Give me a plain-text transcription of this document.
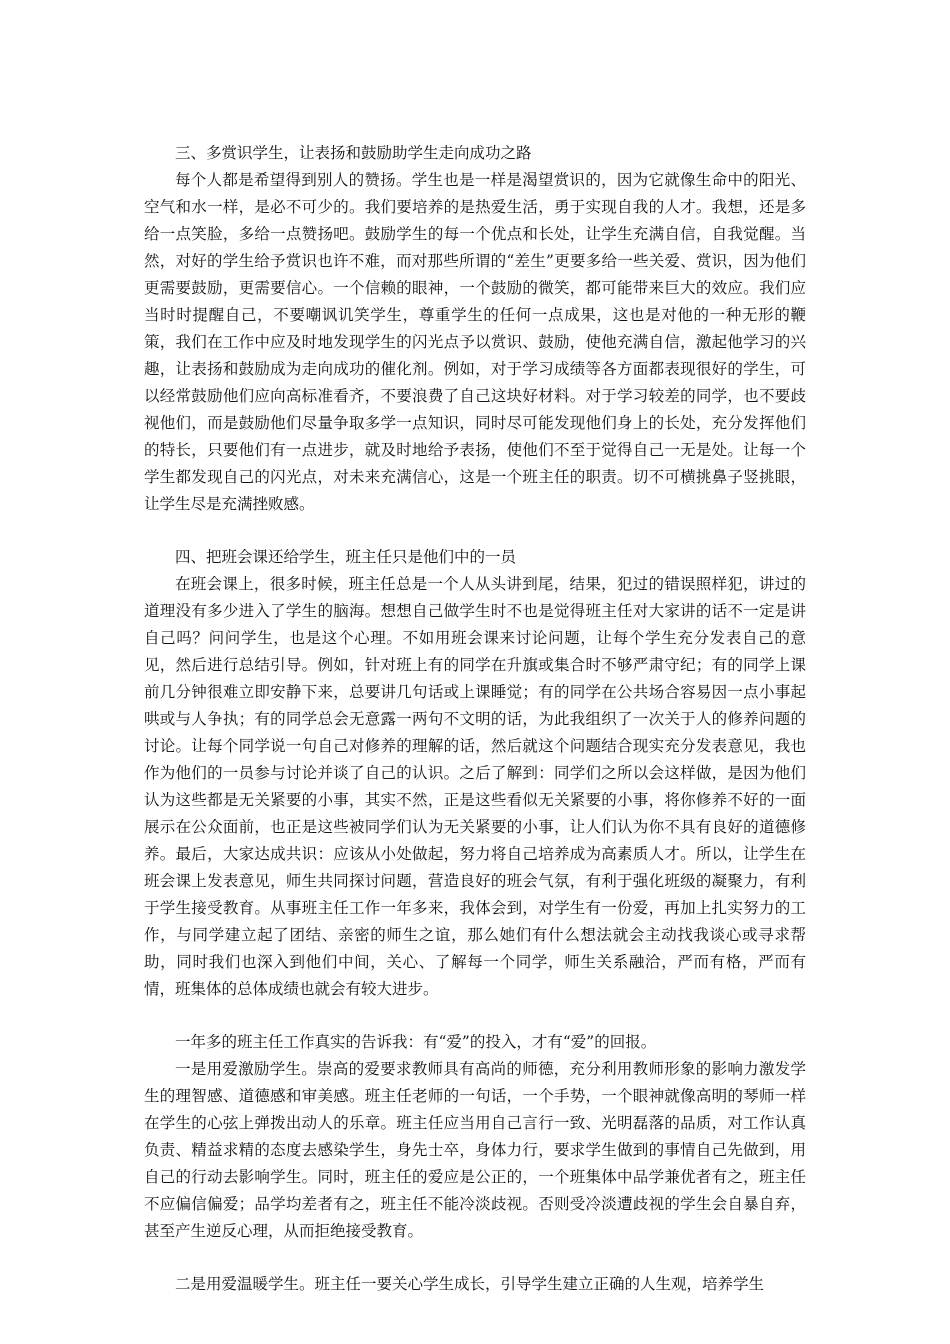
三、多赏识学生，让表扬和鼓励助学生走向成功之路

每个人都是希望得到别人的赞扬。学生也是一样是渴望赏识的，因为它就像生命中的阳光、空气和水一样，是必不可少的。我们要培养的是热爱生活，勇于实现自我的人才。我想，还是多给一点笑脸，多给一点赞扬吧。鼓励学生的每一个优点和长处，让学生充满自信，自我觉醒。当然，对好的学生给予赏识也许不难，而对那些所谓的“差生”更要多给一些关爱、赏识，因为他们更需要鼓励，更需要信心。一个信赖的眼神，一个鼓励的微笑，都可能带来巨大的效应。我们应当时时提醒自己，不要嘲讽讥笑学生，尊重学生的任何一点成果，这也是对他的一种无形的鞭策，我们在工作中应及时地发现学生的闪光点予以赏识、鼓励，使他充满自信，激起他学习的兴趣，让表扬和鼓励成为走向成功的催化剂。例如，对于学习成绩等各方面都表现很好的学生，可以经常鼓励他们应向高标准看齐，不要浪费了自己这块好材料。对于学习较差的同学，也不要歧视他们，而是鼓励他们尽量争取多学一点知识，同时尽可能发现他们身上的长处，充分发挥他们的特长，只要他们有一点进步，就及时地给予表扬，使他们不至于觉得自己一无是处。让每一个学生都发现自己的闪光点，对未来充满信心，这是一个班主任的职责。切不可横挑鼻子竖挑眼，让学生尽是充满挫败感。

四、把班会课还给学生，班主任只是他们中的一员

在班会课上，很多时候，班主任总是一个人从头讲到尾，结果，犯过的错误照样犯，讲过的道理没有多少进入了学生的脑海。想想自己做学生时不也是觉得班主任对大家讲的话不一定是讲自己吗？问问学生，也是这个心理。不如用班会课来讨论问题，让每个学生充分发表自己的意见，然后进行总结引导。例如，针对班上有的同学在升旗或集合时不够严肃守纪；有的同学上课前几分钟很难立即安静下来，总要讲几句话或上课睡觉；有的同学在公共场合容易因一点小事起哄或与人争执；有的同学总会无意露一两句不文明的话，为此我组织了一次关于人的修养问题的讨论。让每个同学说一句自己对修养的理解的话，然后就这个问题结合现实充分发表意见，我也作为他们的一员参与讨论并谈了自己的认识。之后了解到：同学们之所以会这样做，是因为他们认为这些都是无关紧要的小事，其实不然，正是这些看似无关紧要的小事，将你修养不好的一面展示在公众面前，也正是这些被同学们认为无关紧要的小事，让人们认为你不具有良好的道德修养。最后，大家达成共识：应该从小处做起，努力将自己培养成为高素质人才。所以，让学生在班会课上发表意见，师生共同探讨问题，营造良好的班会气氛，有利于强化班级的凝聚力，有利于学生接受教育。从事班主任工作一年多来，我体会到，对学生有一份爱，再加上扎实努力的工作，与同学建立起了团结、亲密的师生之谊，那么她们有什么想法就会主动找我谈心或寻求帮助，同时我们也深入到他们中间，关心、了解每一个同学，师生关系融洽，严而有格，严而有情，班集体的总体成绩也就会有较大进步。

一年多的班主任工作真实的告诉我：有“爱”的投入，才有“爱”的回报。

一是用爱激励学生。崇高的爱要求教师具有高尚的师德，充分利用教师形象的影响力激发学生的理智感、道德感和审美感。班主任老师的一句话，一个手势，一个眼神就像高明的琴师一样在学生的心弦上弹拨出动人的乐章。班主任应当用自己言行一致、光明磊落的品质，对工作认真负责、精益求精的态度去感染学生，身先士卒，身体力行，要求学生做到的事情自己先做到，用自己的行动去影响学生。同时，班主任的爱应是公正的，一个班集体中品学兼优者有之，班主任不应偏信偏爱；品学均差者有之，班主任不能冷淡歧视。否则受冷淡遭歧视的学生会自暴自弃，甚至产生逆反心理，从而拒绝接受教育。

二是用爱温暖学生。班主任一要关心学生成长，引导学生建立正确的人生观，培养学生
